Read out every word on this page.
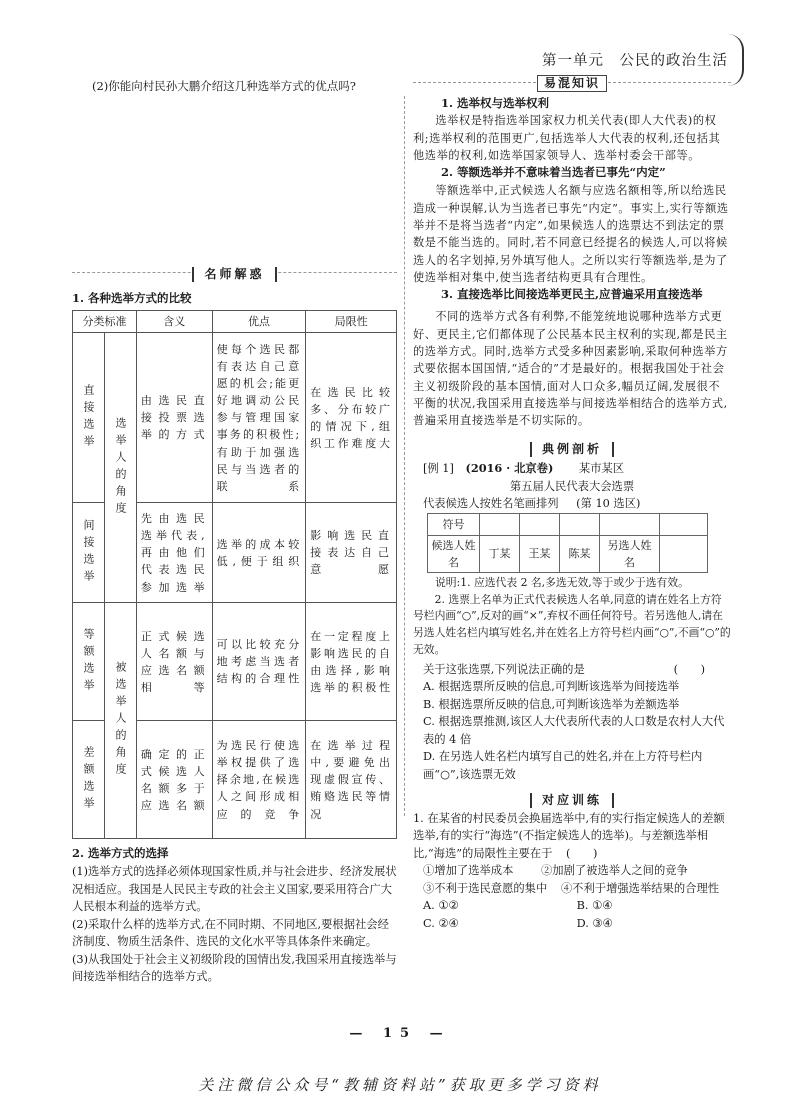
第一单元　公民的政治生活
(2)你能向村民孙大鹏介绍这几种选举方式的优点吗?
名师解惑
1. 各种选举方式的比较
分类标准		含义	优点	局限性

直接选举	选举人的角度	由选民直接投票选举的方式	使每个选民都有表达自己意愿的机会;能更好地调动公民参与管理国家事务的积极性;有助于加强选民与当选者的联系	在选民比较多、分布较广的情况下,组织工作难度大

间接选举		先由选民选举代表,再由他们代表选民参加选举	选举的成本较低,便于组织	影响选民直接表达自己意愿

等额选举	被选举人的角度	正式候选人名额与应选名额相等	可以比较充分地考虑当选者结构的合理性	在一定程度上影响选民的自由选择,影响选举的积极性

差额选举		确定的正式候选人名额多于应选名额	为选民行使选举权提供了选择余地,在候选人之间形成相应的竞争	在选举过程中,要避免出现虚假宣传、贿赂选民等情况
2. 选举方式的选择
(1)选举方式的选择必须体现国家性质,并与社会进步、经济发展状况相适应。我国是人民民主专政的社会主义国家,要采用符合广大人民根本利益的选举方式。
(2)采取什么样的选举方式,在不同时期、不同地区,要根据社会经济制度、物质生活条件、选民的文化水平等具体条件来确定。
(3)从我国处于社会主义初级阶段的国情出发,我国采用直接选举与间接选举相结合的选举方式。
易混知识
1. 选举权与选举权利
选举权是特指选举国家权力机关代表(即人大代表)的权利;选举权利的范围更广,包括选举人大代表的权利,还包括其他选举的权利,如选举国家领导人、选举村委会干部等。
2. 等额选举并不意味着当选者已事先“内定”
等额选举中,正式候选人名额与应选名额相等,所以给选民造成一种误解,认为当选者已事先“内定”。事实上,实行等额选举并不是将当选者“内定”,如果候选人的选票达不到法定的票数是不能当选的。同时,若不同意已经提名的候选人,可以将候选人的名字划掉,另外填写他人。之所以实行等额选举,是为了使选举相对集中,使当选者结构更具有合理性。
3. 直接选举比间接选举更民主,应普遍采用直接选举
不同的选举方式各有利弊,不能笼统地说哪种选举方式更好、更民主,它们都体现了公民基本民主权利的实现,都是民主的选举方式。同时,选举方式受多种因素影响,采取何种选举方式要依据本国国情,“适合的”才是最好的。根据我国处于社会主义初级阶段的基本国情,面对人口众多,幅员辽阔,发展很不平衡的状况,我国采用直接选举与间接选举相结合的选举方式,普遍采用直接选举是不切实际的。
典例剖析
[例 1] (2016 · 北京卷) 某市某区
第五届人民代表大会选票
代表候选人按姓名笔画排列 (第 10 选区)
符号					
候选人姓名	丁某	王某	陈某	另选人姓名	
说明:1. 应选代表 2 名,多选无效,等于或少于选有效。
2. 选票上名单为正式代表候选人名单,同意的请在姓名上方符号栏内画“○”,反对的画“×”,弃权不画任何符号。若另选他人,请在另选人姓名栏内填写姓名,并在姓名上方符号栏内画“○”,不画“○”的无效。
关于这张选票,下列说法正确的是	(　　)
A. 根据选票所反映的信息,可判断该选举为间接选举
B. 根据选票所反映的信息,可判断该选举为差额选举
C. 根据选票推测,该区人大代表所代表的人口数是农村人大代表的 4 倍
D. 在另选人姓名栏内填写自己的姓名,并在上方符号栏内画“○”,该选票无效
对应训练
1. 在某省的村民委员会换届选举中,有的实行指定候选人的差额选举,有的实行“海选”(不指定候选人的选举)。与差额选举相比,“海选”的局限性主要在于 (　　)
①增加了选举成本 ②加剧了被选举人之间的竞争
③不利于选民意愿的集中 ④不利于增强选举结果的合理性
A. ①②	B. ①④
C. ②④	D. ③④
— 15 —
关注微信公众号“教辅资料站”获取更多学习资料
